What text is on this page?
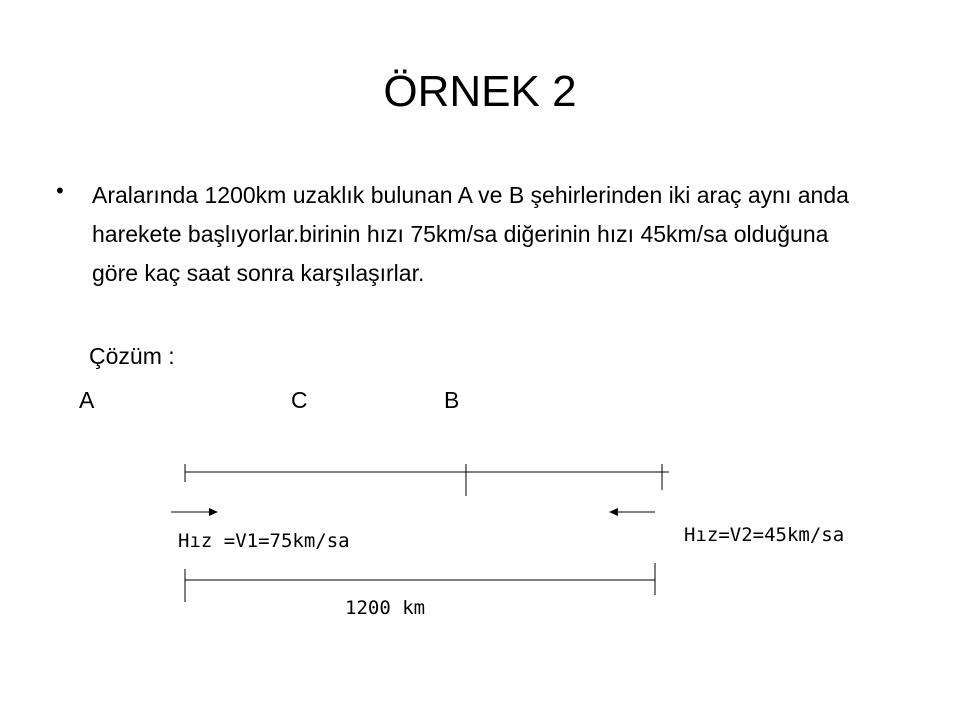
ÖRNEK 2
• Aralarında 1200km uzaklık bulunan A ve B şehirlerinden iki araç aynı anda harekete başlıyorlar.birinin hızı 75km/sa diğerinin hızı 45km/sa olduğuna göre kaç saat sonra karşılaşırlar.
Çözüm :
A	C	B
Hız =V1=75km/sa	Hız=V2=45km/sa
1200 km
